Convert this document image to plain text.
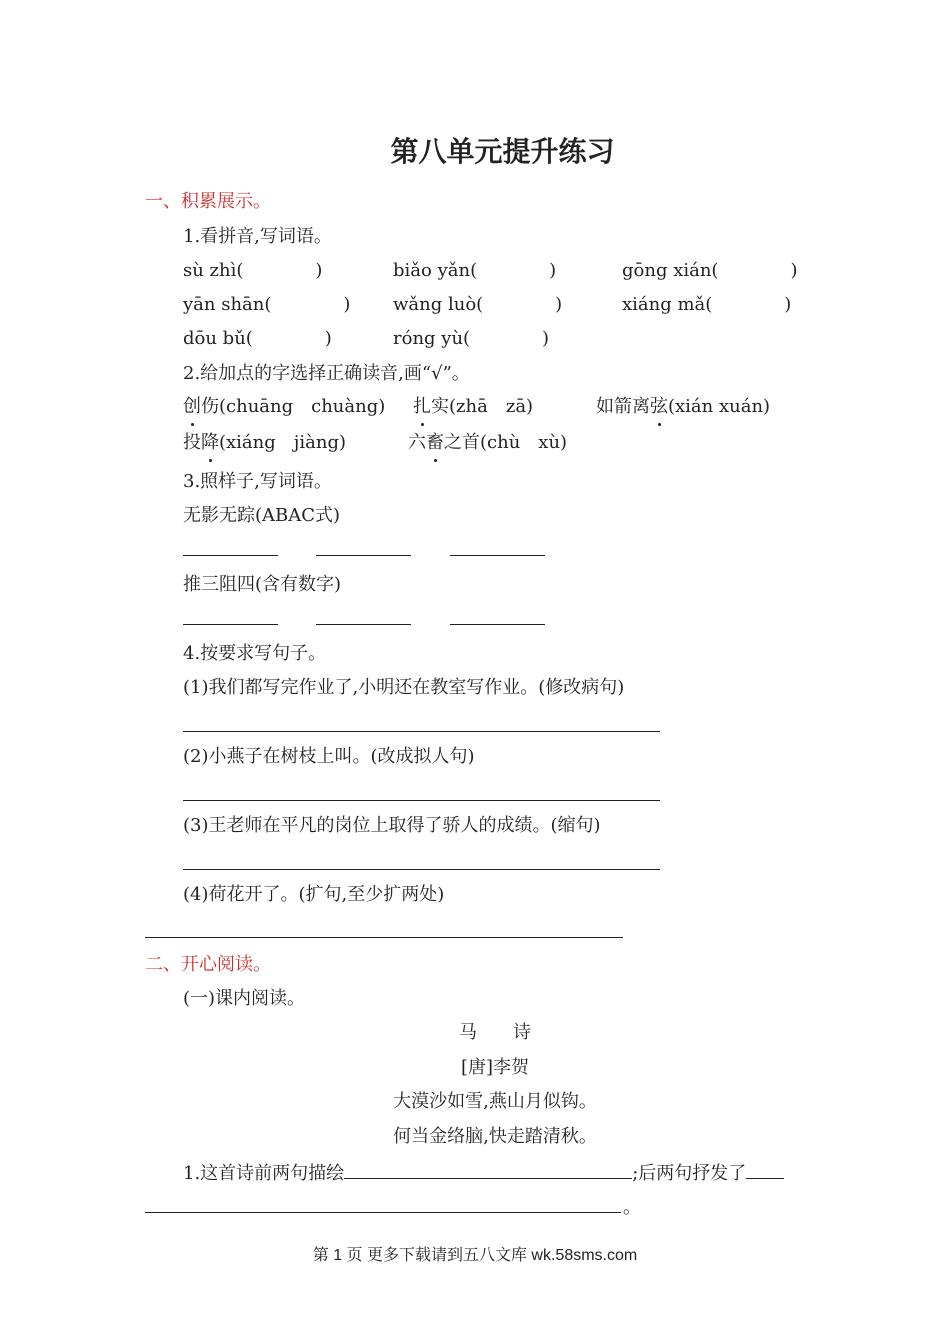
第八单元提升练习
一、积累展示。
1.看拼音,写词语。
sù zhì(　　　　)	biǎo yǎn(　　　　)	gōng xián(　　　　)
yān shān(　　　　) wǎng luò(　　　　)	xiáng mǎ(　　　　)
dōu bǔ(　　　　)	róng yù(　　　　)
2.给加点的字选择正确读音,画“√”。
创伤(chuāng　chuàng) 扎实(zhā　zā)	如箭离弦(xián xuán)
投降(xiáng　jiàng)	六畜之首(chù　xù)
3.照样子,写词语。
无影无踪(ABAC式)
推三阻四(含有数字)
4.按要求写句子。
(1)我们都写完作业了,小明还在教室写作业。(修改病句)
(2)小燕子在树枝上叫。(改成拟人句)
(3)王老师在平凡的岗位上取得了骄人的成绩。(缩句)
(4)荷花开了。(扩句,至少扩两处)
二、开心阅读。
(一)课内阅读。
马　　诗
[唐]李贺
大漠沙如雪,燕山月似钩。
何当金络脑,快走踏清秋。
1.这首诗前两句描绘	;后两句抒发了
。
第 1 页 更多下载请到五八文库 wk.58sms.com
